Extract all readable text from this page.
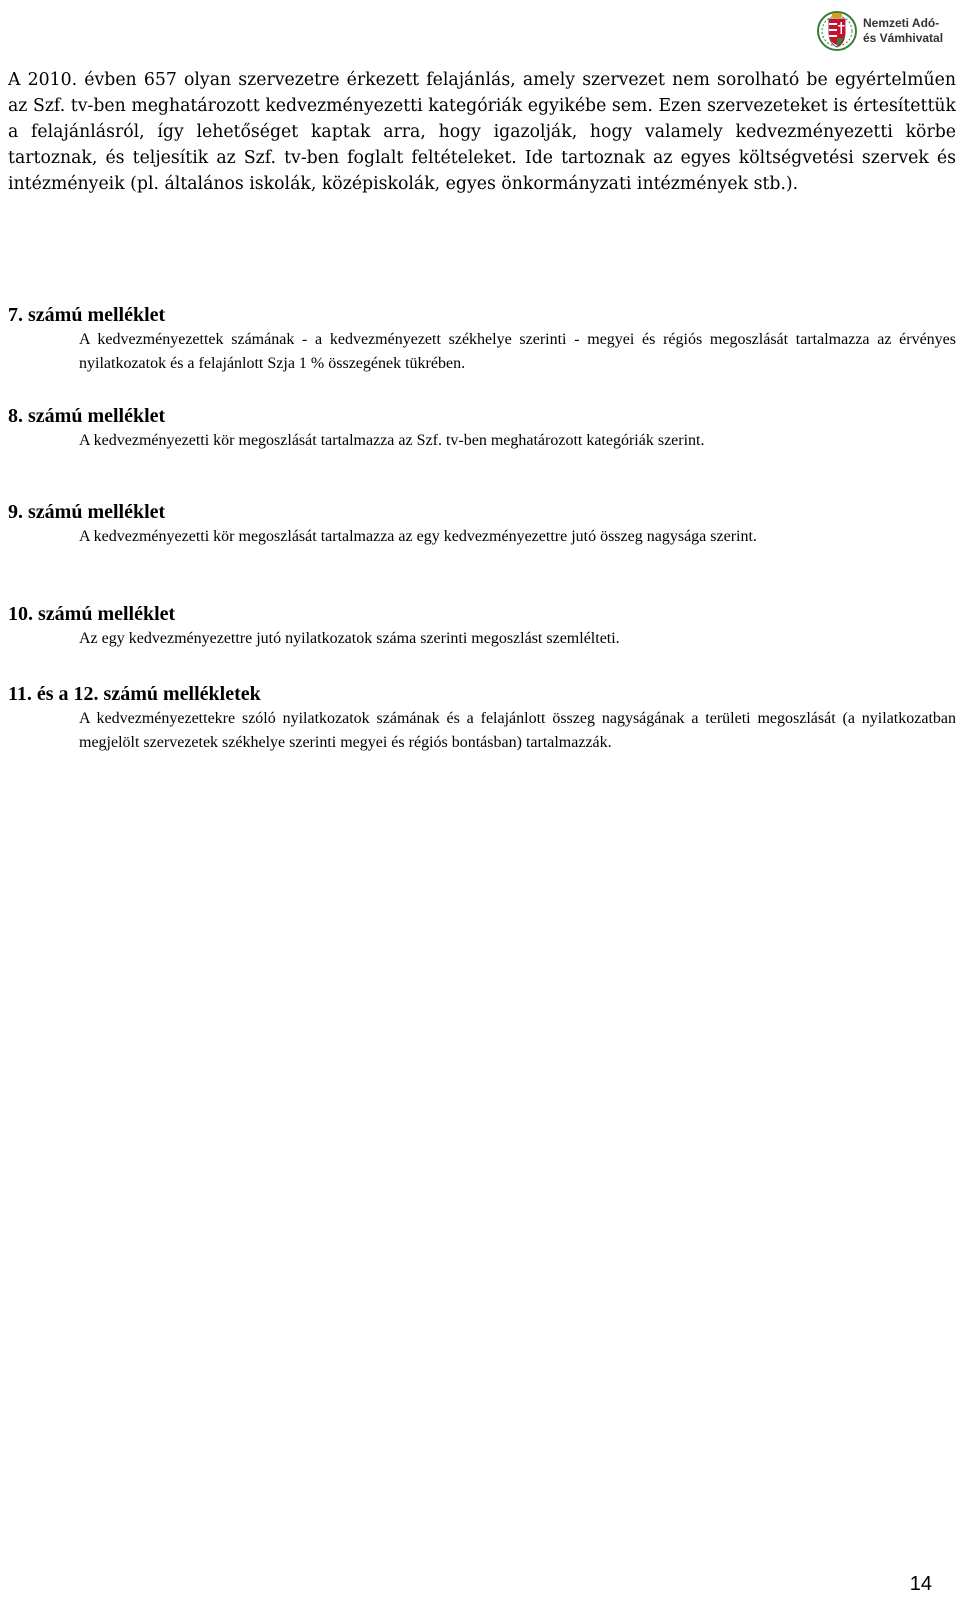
Nemzeti Adó-
és Vámhivatal

A 2010. évben 657 olyan szervezetre érkezett felajánlás, amely szervezet nem sorolható be egyértelműen az Szf. tv-ben meghatározott kedvezményezetti kategóriák egyikébe sem. Ezen szervezeteket is értesítettük a felajánlásról, így lehetőséget kaptak arra, hogy igazolják, hogy valamely kedvezményezetti körbe tartoznak, és teljesítik az Szf. tv-ben foglalt feltételeket. Ide tartoznak az egyes költségvetési szervek és intézményeik (pl. általános iskolák, középiskolák, egyes önkormányzati intézmények stb.).

7. számú melléklet

A kedvezményezettek számának - a kedvezményezett székhelye szerinti - megyei és régiós megoszlását tartalmazza az érvényes nyilatkozatok és a felajánlott Szja 1 % összegének tükrében.

8. számú melléklet

A kedvezményezetti kör megoszlását tartalmazza az Szf. tv-ben meghatározott kategóriák szerint.

9. számú melléklet

A kedvezményezetti kör megoszlását tartalmazza az egy kedvezményezettre jutó összeg nagysága szerint.

10. számú melléklet

Az egy kedvezményezettre jutó nyilatkozatok száma szerinti megoszlást szemlélteti.

11. és a 12. számú mellékletek

A kedvezményezettekre szóló nyilatkozatok számának és a felajánlott összeg nagyságának a területi megoszlását (a nyilatkozatban megjelölt szervezetek székhelye szerinti megyei és régiós bontásban) tartalmazzák.

14
